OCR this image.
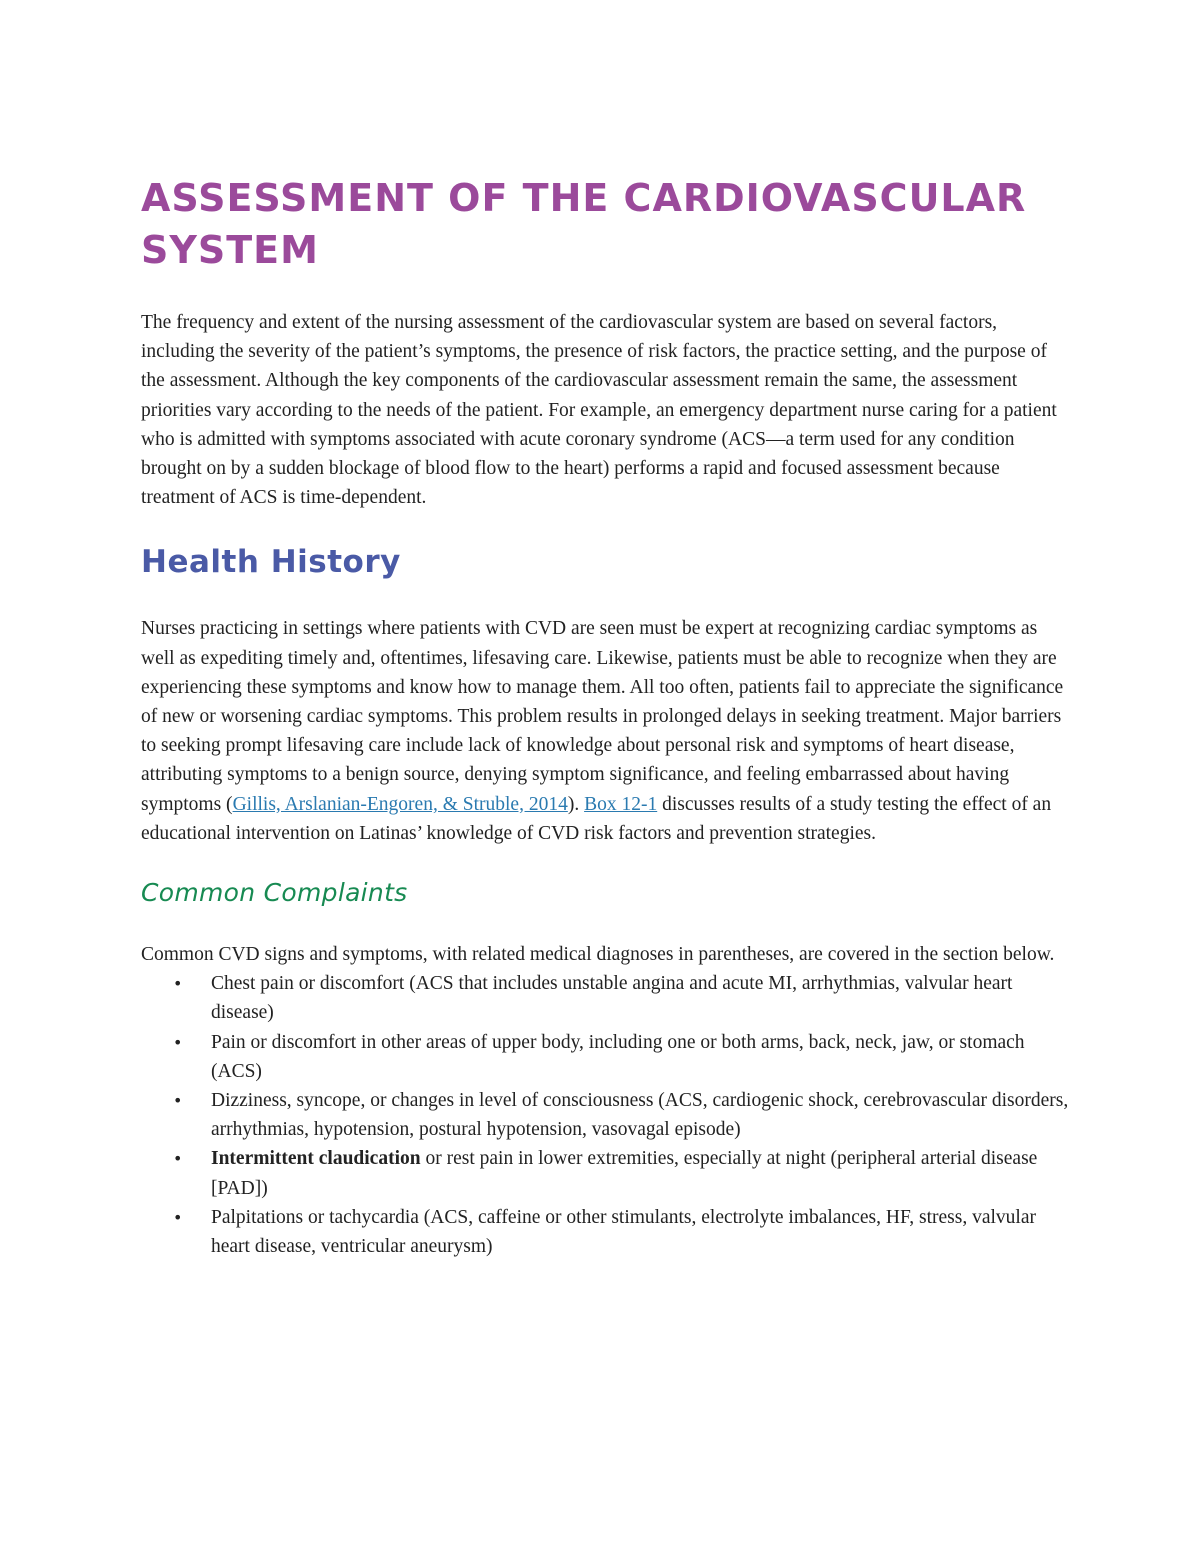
ASSESSMENT OF THE CARDIOVASCULAR SYSTEM

The frequency and extent of the nursing assessment of the cardiovascular system are based on several factors, including the severity of the patient’s symptoms, the presence of risk factors, the practice setting, and the purpose of the assessment. Although the key components of the cardiovascular assessment remain the same, the assessment priorities vary according to the needs of the patient. For example, an emergency department nurse caring for a patient who is admitted with symptoms associated with acute coronary syndrome (ACS—a term used for any condition brought on by a sudden blockage of blood flow to the heart) performs a rapid and focused assessment because treatment of ACS is time-dependent.

Health History

Nurses practicing in settings where patients with CVD are seen must be expert at recognizing cardiac symptoms as well as expediting timely and, oftentimes, lifesaving care. Likewise, patients must be able to recognize when they are experiencing these symptoms and know how to manage them. All too often, patients fail to appreciate the significance of new or worsening cardiac symptoms. This problem results in prolonged delays in seeking treatment. Major barriers to seeking prompt lifesaving care include lack of knowledge about personal risk and symptoms of heart disease, attributing symptoms to a benign source, denying symptom significance, and feeling embarrassed about having symptoms (Gillis, Arslanian-Engoren, & Struble, 2014). Box 12-1 discusses results of a study testing the effect of an educational intervention on Latinas’ knowledge of CVD risk factors and prevention strategies.

Common Complaints

Common CVD signs and symptoms, with related medical diagnoses in parentheses, are covered in the section below.

• Chest pain or discomfort (ACS that includes unstable angina and acute MI, arrhythmias, valvular heart disease)
• Pain or discomfort in other areas of upper body, including one or both arms, back, neck, jaw, or stomach (ACS)
• Dizziness, syncope, or changes in level of consciousness (ACS, cardiogenic shock, cerebrovascular disorders, arrhythmias, hypotension, postural hypotension, vasovagal episode)
• Intermittent claudication or rest pain in lower extremities, especially at night (peripheral arterial disease [PAD])
• Palpitations or tachycardia (ACS, caffeine or other stimulants, electrolyte imbalances, HF, stress, valvular heart disease, ventricular aneurysm)
